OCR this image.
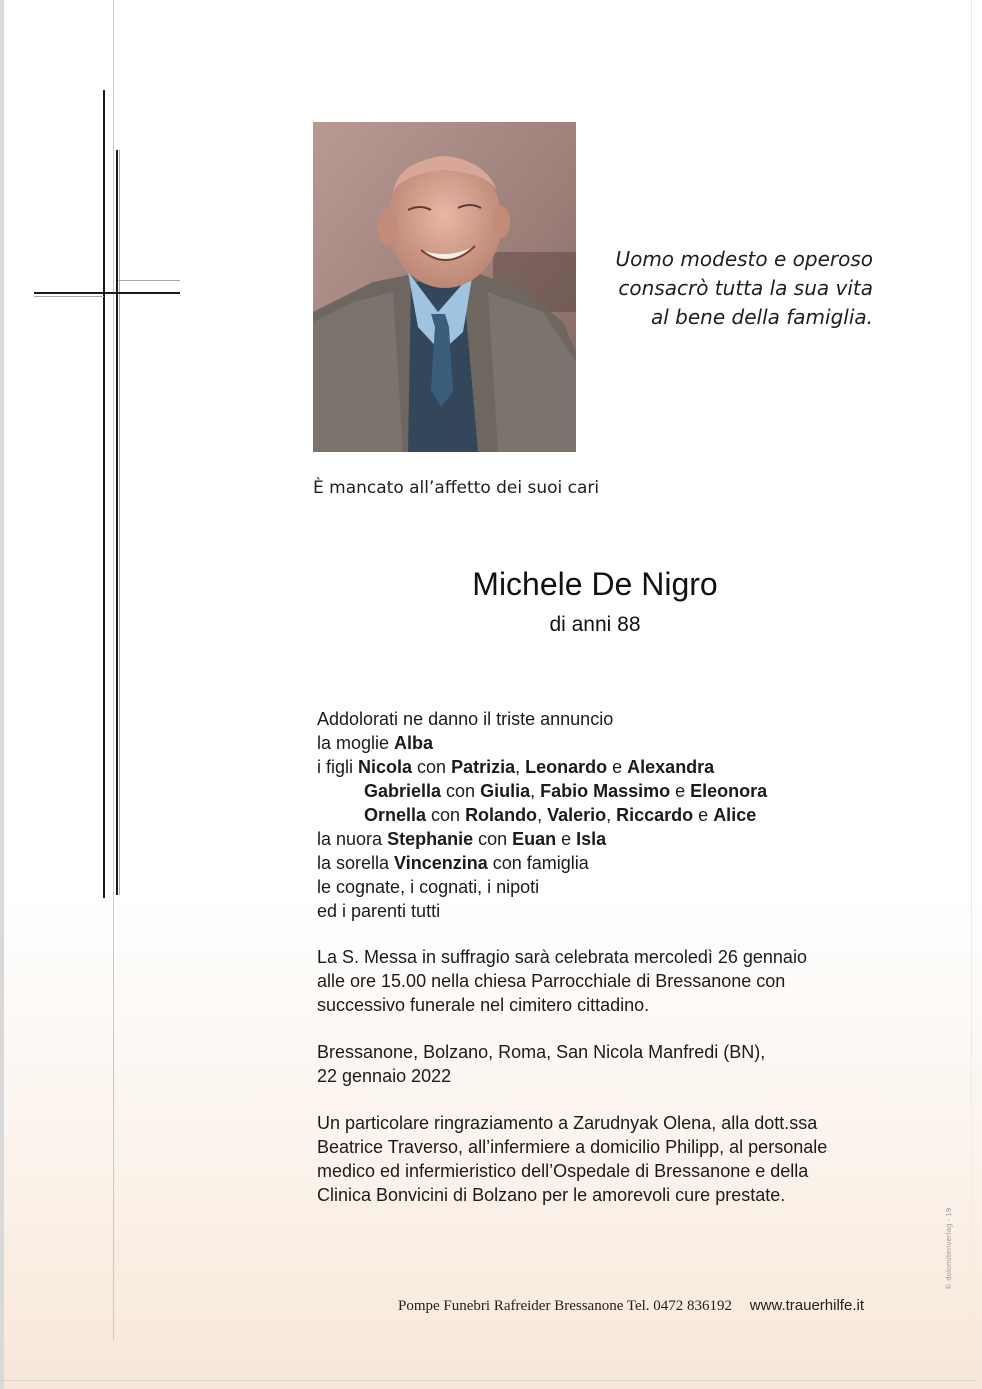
Uomo modesto e operoso
consacrò tutta la sua vita
al bene della famiglia.
È mancato all’affetto dei suoi cari
Michele De Nigro
di anni 88
Addolorati ne danno il triste annuncio
la moglie Alba
i figli Nicola con Patrizia, Leonardo e Alexandra
Gabriella con Giulia, Fabio Massimo e Eleonora
Ornella con Rolando, Valerio, Riccardo e Alice
la nuora Stephanie con Euan e Isla
la sorella Vincenzina con famiglia
le cognate, i cognati, i nipoti
ed i parenti tutti
La S. Messa in suffragio sarà celebrata mercoledì 26 gennaio
alle ore 15.00 nella chiesa Parrocchiale di Bressanone con
successivo funerale nel cimitero cittadino.
Bressanone, Bolzano, Roma, San Nicola Manfredi (BN),
22 gennaio 2022
Un particolare ringraziamento a Zarudnyak Olena, alla dott.ssa
Beatrice Traverso, all’infermiere a domicilio Philipp, al personale
medico ed infermieristico dell’Ospedale di Bressanone e della
Clinica Bonvicini di Bolzano per le amorevoli cure prestate.
Pompe Funebri Rafreider Bressanone Tel. 0472 836192 www.trauerhilfe.it
© dolomitenverlag - 19
